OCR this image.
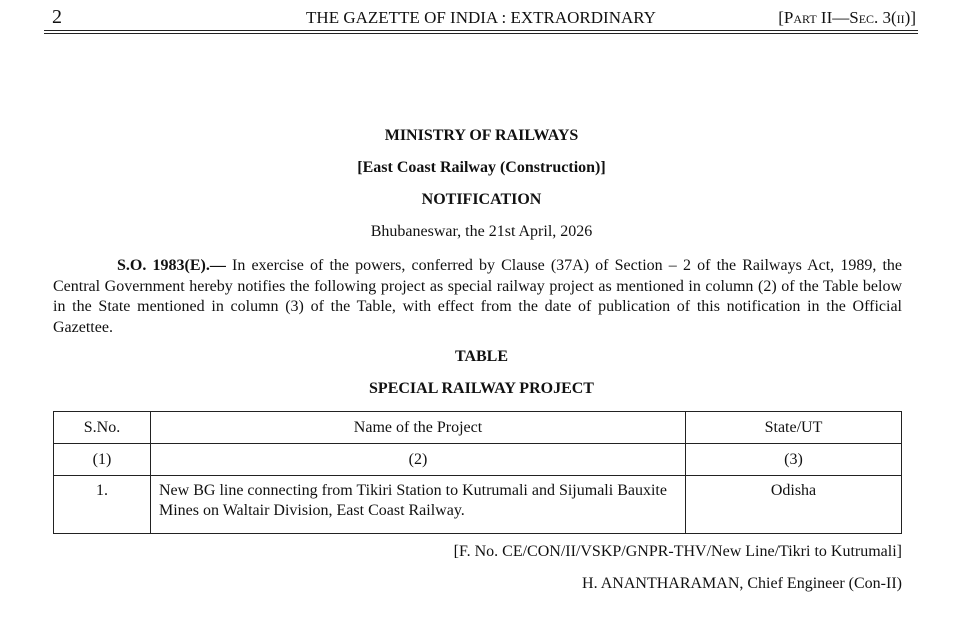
2	THE GAZETTE OF INDIA : EXTRAORDINARY	[Part II—Sec. 3(ii)]
MINISTRY OF RAILWAYS
[East Coast Railway (Construction)]
NOTIFICATION
Bhubaneswar, the 21st April, 2026
S.O. 1983(E).— In exercise of the powers, conferred by Clause (37A) of Section – 2 of the Railways Act, 1989, the Central Government hereby notifies the following project as special railway project as mentioned in column (2) of the Table below in the State mentioned in column (3) of the Table, with effect from the date of publication of this notification in the Official Gazettee.
TABLE
SPECIAL RAILWAY PROJECT
S.No.	Name of the Project	State/UT
(1)	(2)	(3)
1.	New BG line connecting from Tikiri Station to Kutrumali and Sijumali Bauxite Mines on Waltair Division, East Coast Railway.	Odisha
[F. No. CE/CON/II/VSKP/GNPR-THV/New Line/Tikri to Kutrumali]
H. ANANTHARAMAN, Chief Engineer (Con-II)
